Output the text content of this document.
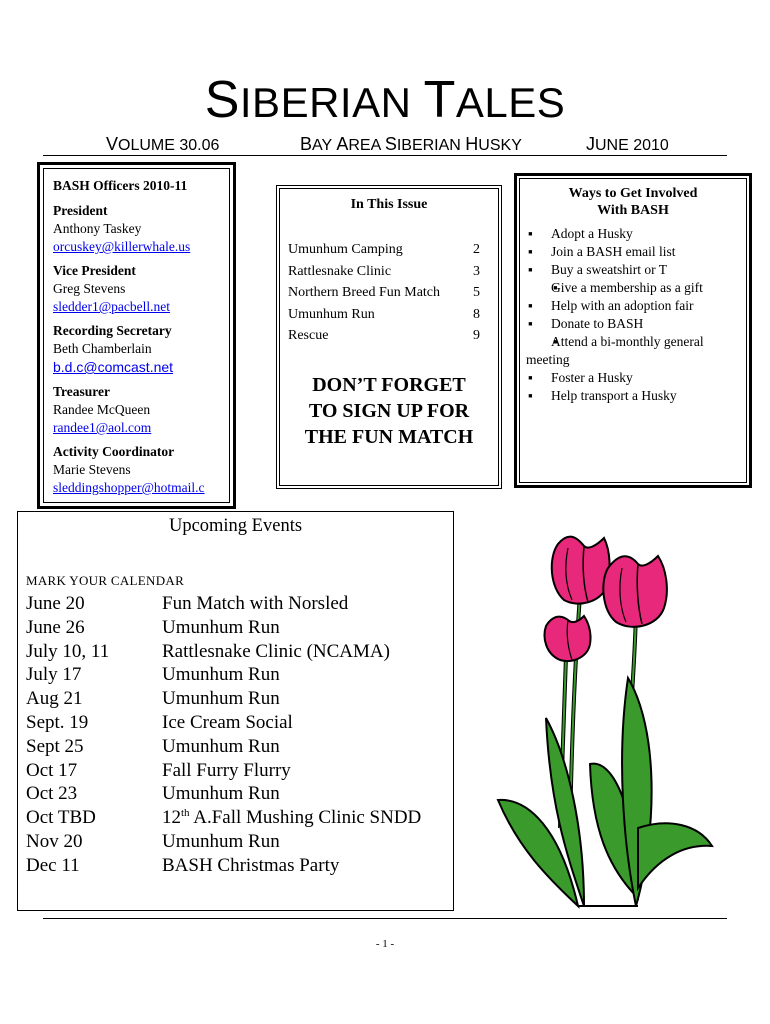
SIBERIAN TALES
VOLUME 30.06	BAY AREA SIBERIAN HUSKY	JUNE 2010
BASH Officers 2010-11
President
Anthony Taskey
orcuskey@killerwhale.us
Vice President
Greg Stevens
sledder1@pacbell.net
Recording Secretary
Beth Chamberlain
b.d.c@comcast.net
Treasurer
Randee McQueen
randee1@aol.com
Activity Coordinator
Marie Stevens
sleddingshopper@hotmail.c
In This Issue
Umunhum Camping	2
Rattlesnake Clinic	3
Northern Breed Fun Match 5
Umunhum Run	8
Rescue	9
DON’T FORGET
TO SIGN UP FOR
THE FUN MATCH
Ways to Get Involved
With BASH
▪ Adopt a Husky
▪ Join a BASH email list
▪ Buy a sweatshirt or T
▪ Give a membership as a gift
▪ Help with an adoption fair
▪ Donate to BASH
▪ Attend a bi-monthly general meeting
▪ Foster a Husky
▪ Help transport a Husky
Upcoming Events
MARK YOUR CALENDAR
June 20	Fun Match with Norsled
June 26	Umunhum Run
July 10, 11	Rattlesnake Clinic (NCAMA)
July 17	Umunhum Run
Aug 21	Umunhum Run
Sept. 19	Ice Cream Social
Sept 25	Umunhum Run
Oct 17	Fall Furry Flurry
Oct 23	Umunhum Run
Oct TBD	12th A.Fall Mushing Clinic SNDD
Nov 20	Umunhum Run
Dec 11	BASH Christmas Party
- 1 -
